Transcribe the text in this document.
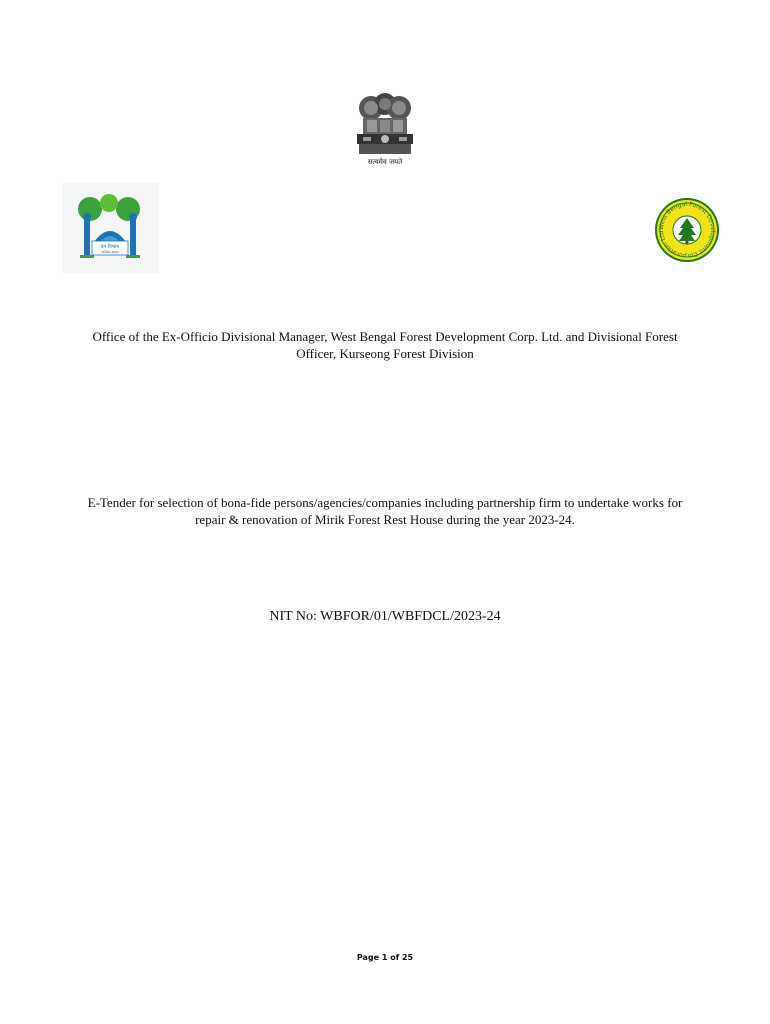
सत्यमेव जयते
वन विभाग
पश्चिम बंगाल
West Bengal Forest Development Corporation Ltd
Office of the Ex-Officio Divisional Manager, West Bengal Forest Development Corp. Ltd. and Divisional Forest
Officer, Kurseong Forest Division
E-Tender for selection of bona-fide persons/agencies/companies including partnership firm to undertake works for
repair & renovation of Mirik Forest Rest House during the year 2023-24.
NIT No: WBFOR/01/WBFDCL/2023-24
Page 1 of 25
